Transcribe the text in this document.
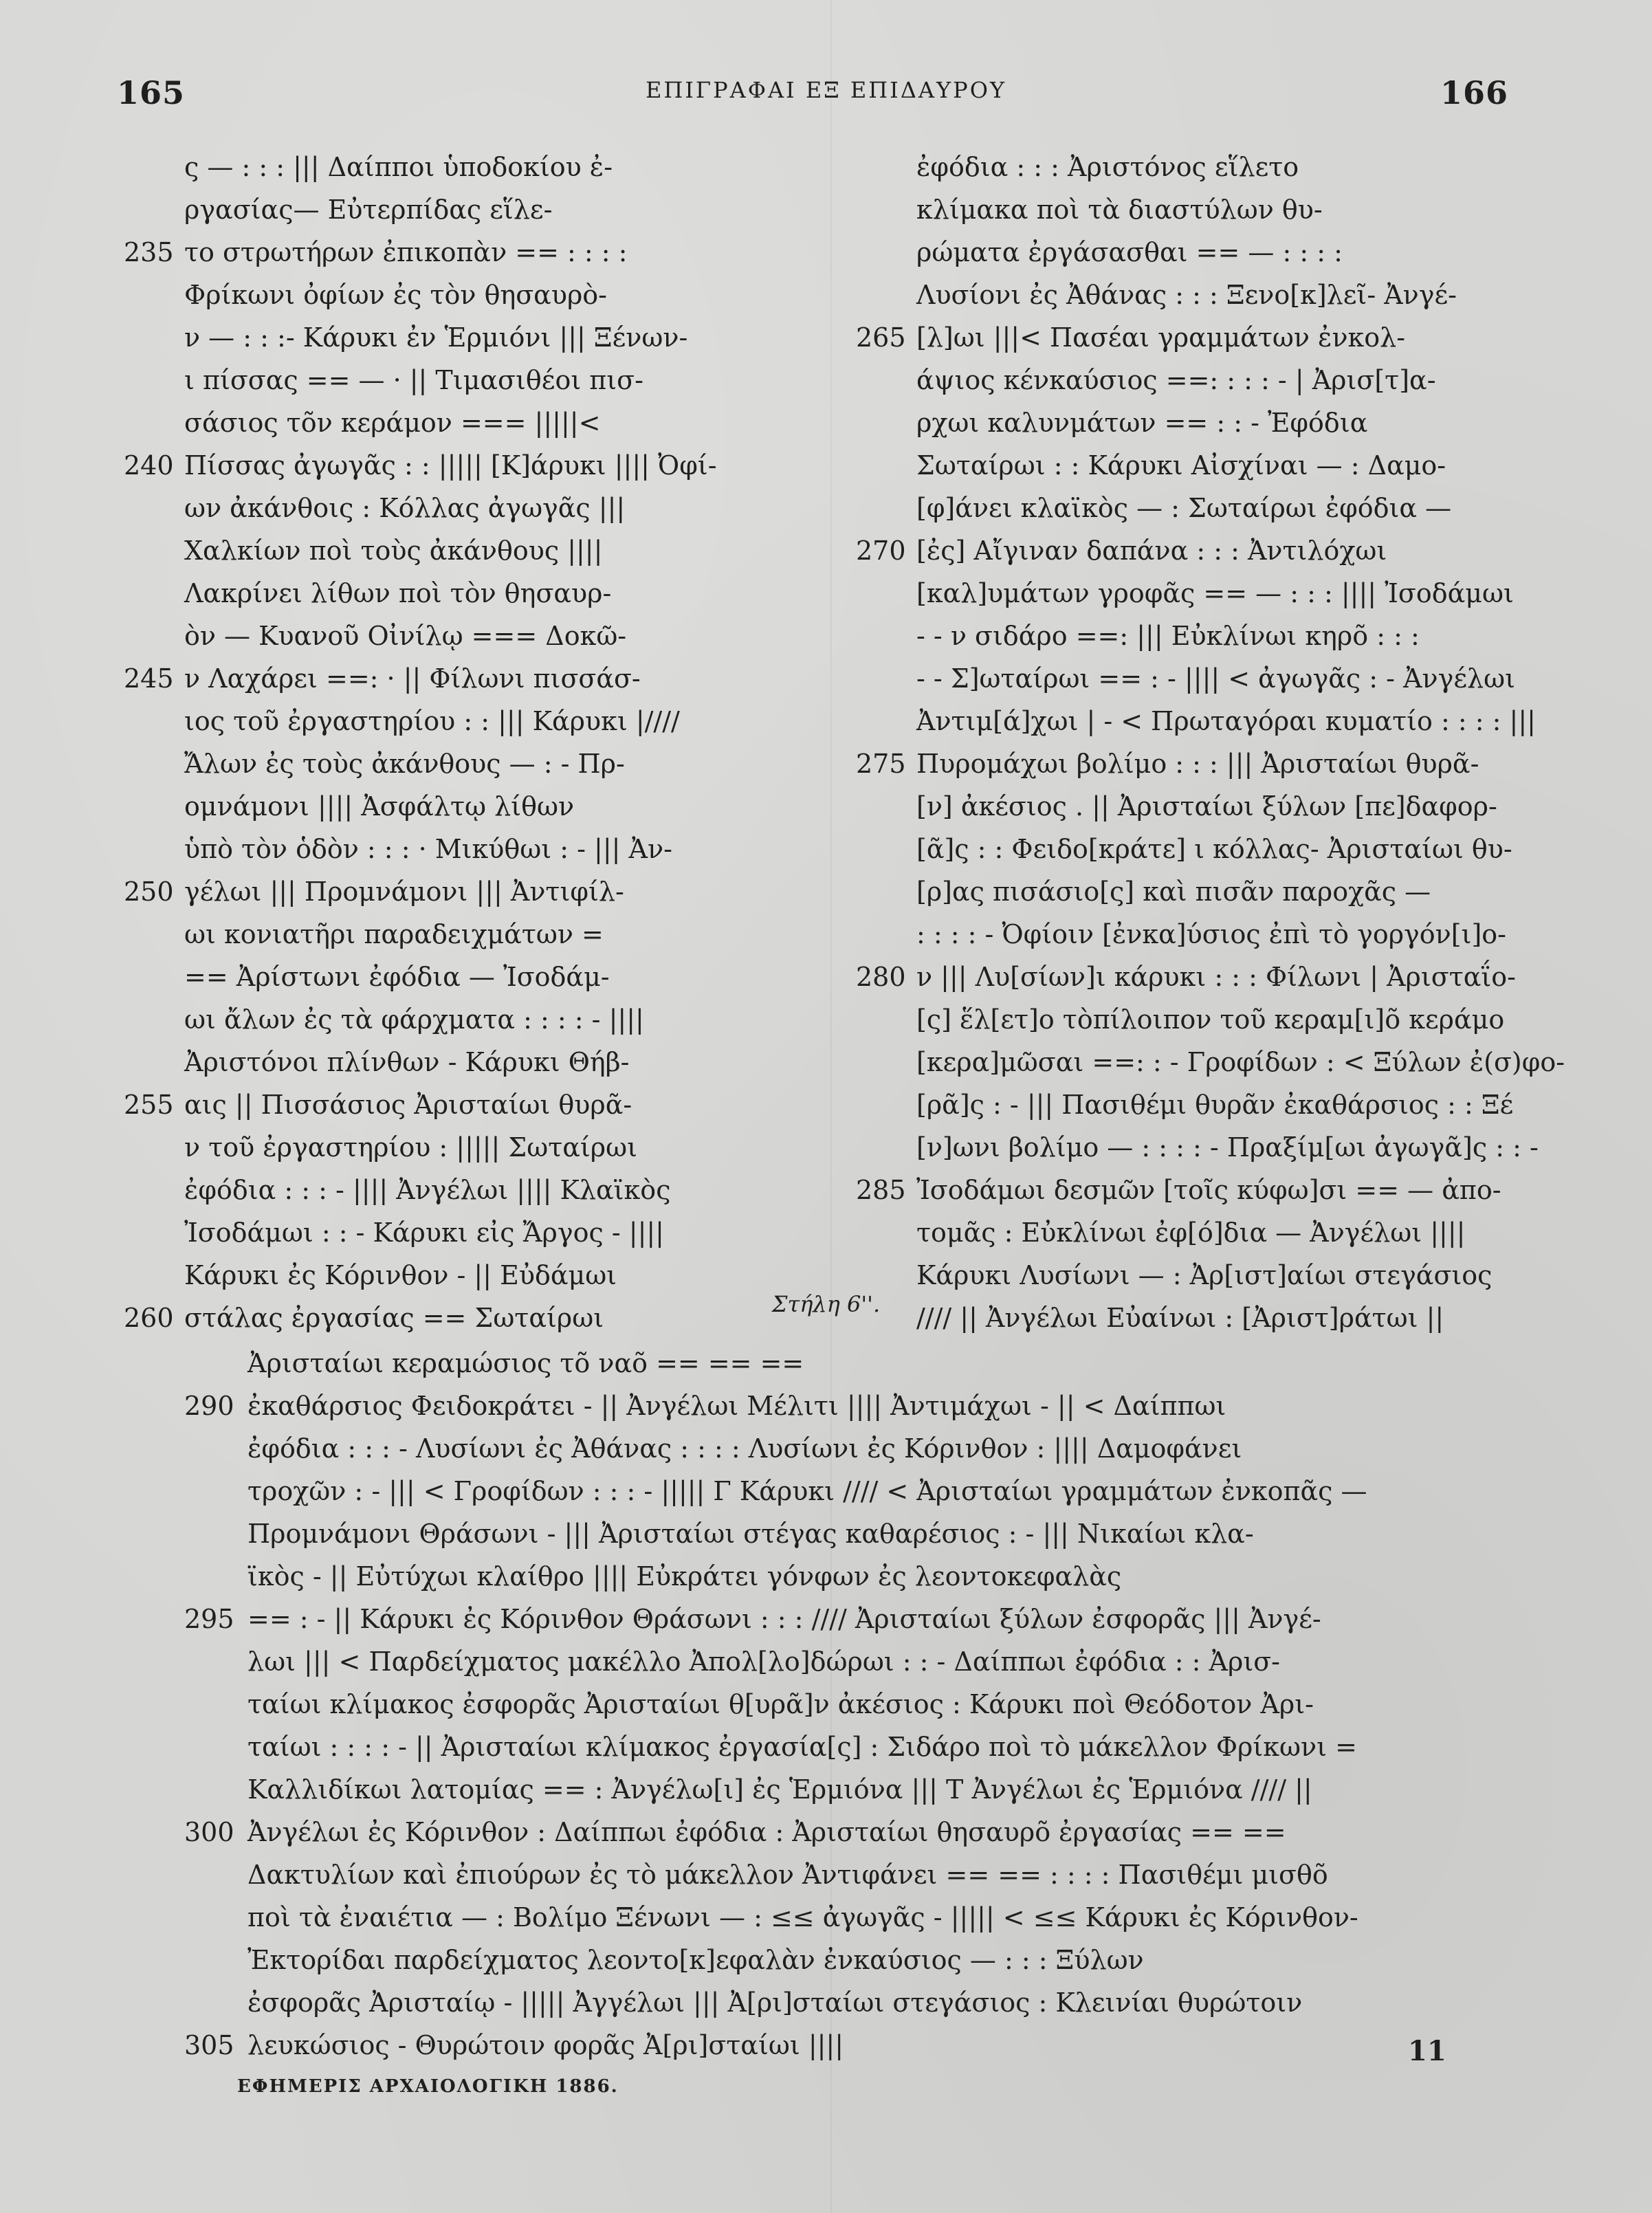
165	ΕΠΙΓΡΑΦΑΙ ΕΞ ΕΠΙΔΑΥΡΟΥ	166
ς — : : : ||| Δαίπποι ὑποδοκίου ἐ-
ργασίας— Εὐτερπίδας εἵλε-
235 το στρωτήρων ἐπικοπὰν == : : : :
Φρίκωνι ὀφίων ἐς τὸν θησαυρὸ-
ν — : : :- Κάρυκι ἐν Ἑρμιόνι ||| Ξένων-
ι πίσσας == — · || Τιμασιθέοι πισ-
σάσιος τõν κεράμον === |||||<
240 Πίσσας ἀγωγᾶς : : ||||| [Κ]άρυκι |||| Ὀφί-
ων ἀκάνθοις : Κόλλας ἀγωγᾶς |||
Χαλκίων ποὶ τοὺς ἀκάνθους ||||
Λακρίνει λίθων ποὶ τὸν θησαυρ-
ὸν — Κυανοῦ Οἰνίλῳ === Δοκῶ-
245 ν Λαχάρει ==: · || Φίλωνι πισσάσ-
ιος τοῦ ἐργαστηρίου : : ||| Κάρυκι |////
Ἄλων ἐς τοὺς ἀκάνθους — : - Πρ-
ομνάμονι |||| Ἀσφάλτῳ λίθων
ὑπὸ τὸν ὁδὸν : : : · Μικύθωι : - ||| Ἀν-
250 γέλωι ||| Προμνάμονι ||| Ἀντιφίλ-
ωι κονιατῆρι παραδειχμάτων =
== Ἀρίστωνι ἐφόδια — Ἰσοδάμ-
ωι ἄλων ἐς τὰ φάρχματα : : : : - ||||
Ἀριστόνοι πλίνθων - Κάρυκι Θήβ-
255 αις || Πισσάσιος Ἀρισταίωι θυρᾶ-
ν τοῦ ἐργαστηρίου : ||||| Σωταίρωι
ἐφόδια : : : - |||| Ἀνγέλωι |||| Κλαϊκὸς
Ἰσοδάμωι : : - Κάρυκι εἰς Ἄργος - ||||
Κάρυκι ἐς Κόρινθον - || Εὐδάμωι
260 στάλας ἐργασίας == Σωταίρωι
ἐφόδια : : : Ἀριστόνος εἵλετο
κλίμακα ποὶ τὰ διαστύλων θυ-
ρώματα ἐργάσασθαι == — : : : :
Λυσίονι ἐς Ἀθάνας : : : Ξενο[κ]λεῖ- Ἀνγέ-
265 [λ]ωι |||< Πασέαι γραμμάτων ἐνκολ-
άψιος κένκαύσιος ==: : : : - | Ἀρισ[τ]α-
ρχωι καλυνμάτων == : : - Ἐφόδια
Σωταίρωι : : Κάρυκι Αἰσχίναι — : Δαμο-
[φ]άνει κλαϊκὸς — : Σωταίρωι ἐφόδια —
270 [ἐς] Αἴγιναν δαπάνα : : : Ἀντιλόχωι
[καλ]υμάτων γροφᾶς == — : : : |||| Ἰσοδάμωι
- - ν σιδάρο ==: ||| Εὐκλίνωι κηρõ : : :
- - Σ]ωταίρωι == : - |||| < ἀγωγᾶς : - Ἀνγέλωι
Ἀντιμ[ά]χωι | - < Πρωταγόραι κυματίο : : : : |||
275 Πυρομάχωι βολίμο : : : ||| Ἀρισταίωι θυρᾶ-
[ν] ἀκέσιος . || Ἀρισταίωι ξύλων [πε]δαφορ-
[ᾶ]ς : : Φειδο[κράτε] ι κόλλας- Ἀρισταίωι θυ-
[ρ]ας πισάσιο[ς] καὶ πισᾶν παροχᾶς —
: : : : - Ὀφίοιν [ἐνκα]ύσιος ἐπὶ τὸ γοργόν[ι]ο-
280 ν ||| Λυ[σίων]ι κάρυκι : : : Φίλωνι | Ἀρισταΐο-
[ς] ἕλ[ετ]ο τὸπίλοιπον τοῦ κεραμ[ι]õ κεράμο
[κερα]μῶσαι ==: : - Γροφίδων : < Ξύλων ἐ(σ)φο-
[ρᾶ]ς : - ||| Πασιθέμι θυρᾶν ἐκαθάρσιος : : Ξέ
[ν]ωνι βολίμο — : : : : - Πραξίμ[ωι ἀγωγᾶ]ς : : -
285 Ἰσοδάμωι δεσμῶν [τοῖς κύφω]σι == — ἀπο-
τομᾶς : Εὐκλίνωι ἐφ[ό]δια — Ἀνγέλωι ||||
Κάρυκι Λυσίωνι — : Ἀρ[ιστ]αίωι στεγάσιος
//// || Ἀνγέλωι Εὐαίνωι : [Ἀριστ]ράτωι ||
Στήλη 6''.
Ἀρισταίωι κεραμώσιος τõ ναõ == == ==
290 ἐκαθάρσιος Φειδοκράτει - || Ἀνγέλωι Μέλιτι |||| Ἀντιμάχωι - || < Δαίππωι
ἐφόδια : : : - Λυσίωνι ἐς Ἀθάνας : : : : Λυσίωνι ἐς Κόρινθον : |||| Δαμοφάνει
τροχῶν : - ||| < Γροφίδων : : : - ||||| Γ Κάρυκι //// < Ἀρισταίωι γραμμάτων ἐνκοπᾶς —
Προμνάμονι Θράσωνι - ||| Ἀρισταίωι στέγας καθαρέσιος : - ||| Νικαίωι κλα-
ϊκὸς - || Εὐτύχωι κλαίθρο |||| Εὐκράτει γόνφων ἐς λεοντοκεφαλὰς
295 == : - || Κάρυκι ἐς Κόρινθον Θράσωνι : : : //// Ἀρισταίωι ξύλων ἐσφορᾶς ||| Ἀνγέ-
λωι ||| < Παρδείχματος μακέλλο Ἀπολ[λο]δώρωι : : - Δαίππωι ἐφόδια : : Ἀρισ-
ταίωι κλίμακος ἐσφορᾶς Ἀρισταίωι θ[υρᾶ]ν ἀκέσιος : Κάρυκι ποὶ Θεόδοτον Ἀρι-
ταίωι : : : : - || Ἀρισταίωι κλίμακος ἐργασία[ς] : Σιδάρο ποὶ τὸ μάκελλον Φρίκωνι =
Καλλιδίκωι λατομίας == : Ἀνγέλω[ι] ἐς Ἑρμιόνα ||| Τ Ἀνγέλωι ἐς Ἑρμιόνα //// ||
300 Ἀνγέλωι ἐς Κόρινθον : Δαίππωι ἐφόδια : Ἀρισταίωι θησαυρõ ἐργασίας == ==
Δακτυλίων καὶ ἐπιούρων ἐς τὸ μάκελλον Ἀντιφάνει == == : : : : Πασιθέμι μισθõ
ποὶ τὰ ἐναιέτια — : Βολίμο Ξένωνι — : ≤≤ ἀγωγᾶς - ||||| < ≤≤ Κάρυκι ἐς Κόρινθον-
Ἐκτορίδαι παρδείχματος λεοντο[κ]εφαλὰν ἐνκαύσιος — : : : Ξύλων
ἐσφορᾶς Ἀρισταίῳ - ||||| Ἀγγέλωι ||| Ἀ[ρι]σταίωι στεγάσιος : Κλεινίαι θυρώτοιν
305 λευκώσιος - Θυρώτοιν φορᾶς Ἀ[ρι]σταίωι ||||
ΕΦΗΜΕΡΙΣ ΑΡΧΑΙΟΛΟΓΙΚΗ 1886.
11
